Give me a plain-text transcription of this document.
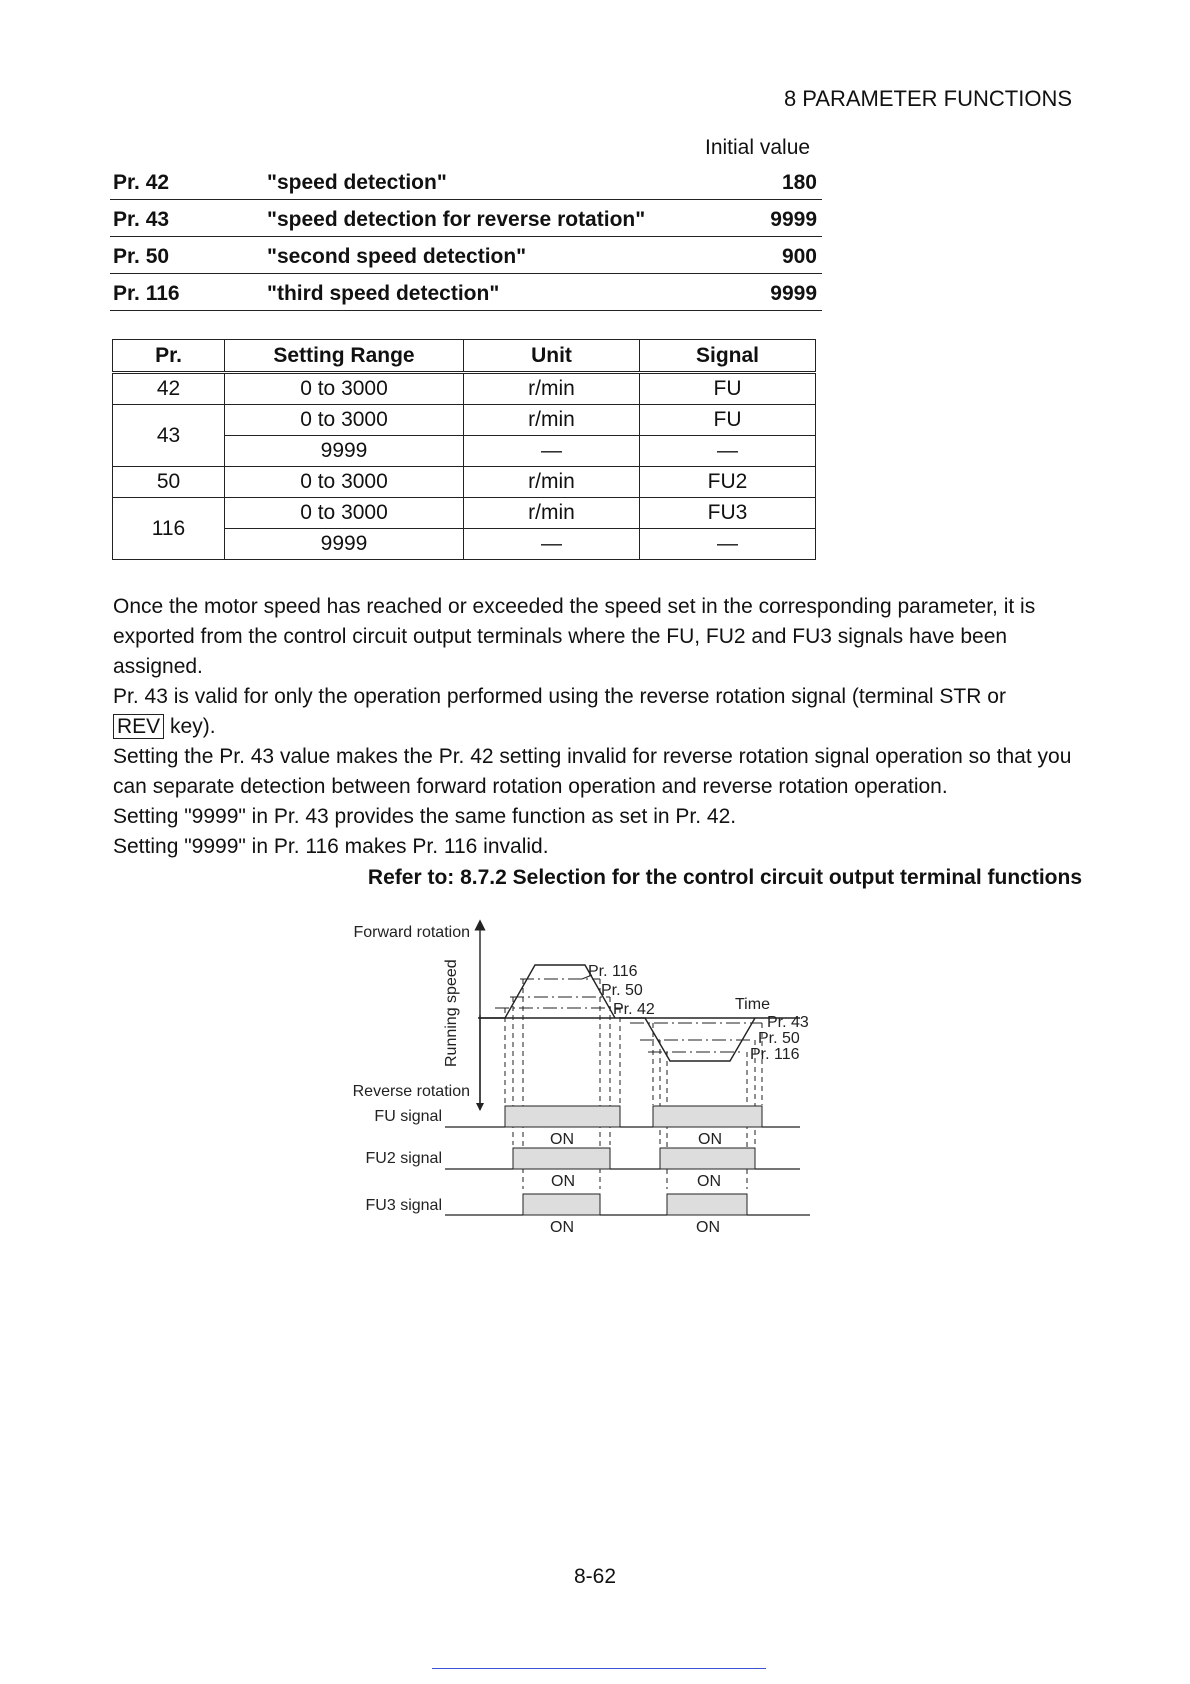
8 PARAMETER FUNCTIONS
Initial value
Pr. 42	"speed detection"	180
Pr. 43	"speed detection for reverse rotation"	9999
Pr. 50	"second speed detection"	900
Pr. 116	"third speed detection"	9999
Pr.	Setting Range	Unit	Signal
42	0 to 3000	r/min	FU
43	0 to 3000	r/min	FU
	9999	—	—
50	0 to 3000	r/min	FU2
116	0 to 3000	r/min	FU3
	9999	—	—

Once the motor speed has reached or exceeded the speed set in the corresponding parameter, it is exported from the control circuit output terminals where the FU, FU2 and FU3 signals have been assigned.

Pr. 43 is valid for only the operation performed using the reverse rotation signal (terminal STR or
REV key).

Setting the Pr. 43 value makes the Pr. 42 setting invalid for reverse rotation signal operation so that you can separate detection between forward rotation operation and reverse rotation operation.

Setting "9999" in Pr. 43 provides the same function as set in Pr. 42.

Setting "9999" in Pr. 116 makes Pr. 116 invalid.

Refer to: 8.7.2 Selection for the control circuit output terminal functions
Forward rotation
Reverse rotation
Running speed	Time
Pr. 116
Pr. 50
Pr. 42
Pr. 43
Pr. 50
Pr. 116
FU signal
ON	ON
FU2 signal
ON	ON
FU3 signal
ON	ON
8-62
